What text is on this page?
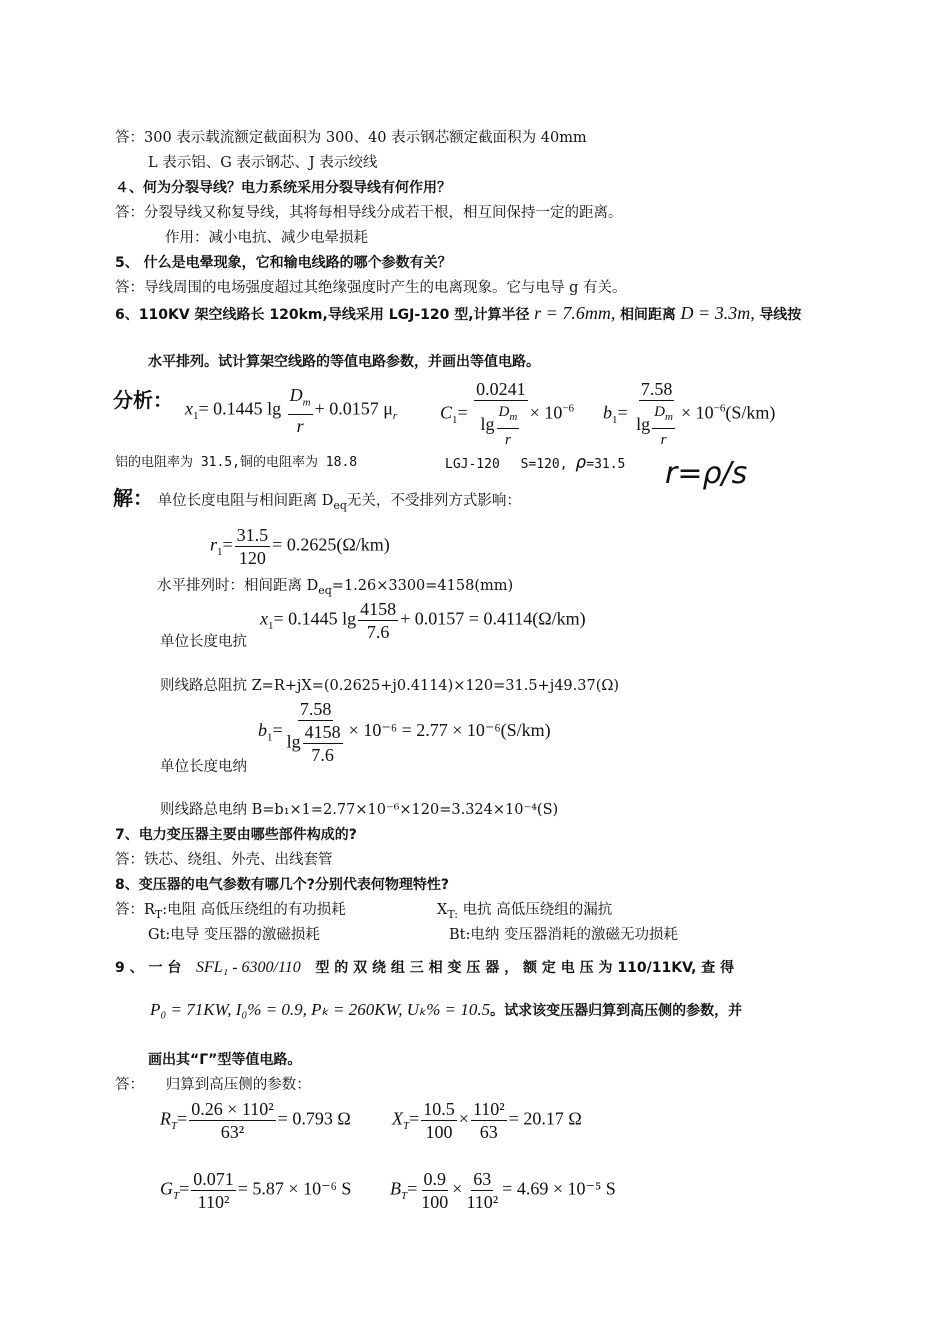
答：300 表示载流额定截面积为 300、40 表示钢芯额定截面积为 40mm
L 表示铝、G 表示钢芯、J 表示绞线
４、何为分裂导线？电力系统采用分裂导线有何作用？
答：分裂导线又称复导线，其将每相导线分成若干根，相互间保持一定的距离。
作用：减小电抗、减少电晕损耗
5、 什么是电晕现象，它和输电线路的哪个参数有关？
答：导线周围的电场强度超过其绝缘强度时产生的电离现象。它与电导 g 有关。
6、110KV 架空线路长 120km,导线采用 LGJ-120 型,计算半径 r = 7.6mm, 相间距离 D = 3.3m, 导线按
水平排列。试计算架空线路的等值电路参数，并画出等值电路。
分析： $x_1= 0.1445$ $\lg \frac{D_m}{r} + 0.0157$ $\mu_r$ $C_1= \frac{0.0241}{\lg \frac{D_m}{r}} \times 10^{-6}$ $b_1= \frac{7.58}{\lg \frac{D_m}{r}} \times 10^{-6}(S/km)$
铝的电阻率为 31.5,铜的电阻率为 18.8	LGJ-120　 S=120, ρ=31.5 r=ρ/s
解： 单位长度电阻与相间距离 $D_{eq}$无关，不受排列方式影响：
$r_1= \frac{31.5}{120} = 0.2625(\Omega/km)$
水平排列时：相间距离 $D_{eq}=1.26\times 3300=4158(mm)$
$x_1= 0.1445$ $\lg \frac{4158}{7.6} + 0.0157 = 0.4114(\Omega/km)$
单位长度电抗
则线路总阻抗 Z=R+jX=(0.2625+j0.4114)×120=31.5+j49.37(Ω)
$b_1= \frac{7.58}{\lg \frac{4158}{7.6}} \times 10^{-6} = 2.77 \times 10^{-6}(S/km)$
单位长度电纳
则线路总电纳 B=b₁×1=2.77×10⁻⁶×120=3.324×10⁻⁴(S)
7、电力变压器主要由哪些部件构成的?
答：铁芯、绕组、外壳、出线套管
8、变压器的电气参数有哪几个?分别代表何物理特性?
答：$R_T$:电阻 高低压绕组的有功损耗	$X_{T:}$ 电抗 高低压绕组的漏抗
Gt:电导 变压器的激磁损耗	Bt:电纳 变压器消耗的激磁无功损耗
9 、 一 台 SFL₁ - 6300/110 型 的 双 绕 组 三 相 变 压 器 ， 额 定 电 压 为 110/11KV, 查 得
P₀ = 71KW, I₀% = 0.9, Pₖ = 260KW, Uₖ% = 10.5。试求该变压器归算到高压侧的参数，并
画出其“Γ”型等值电路。
答：　　归算到高压侧的参数：
$R_T= \frac{\text{0.26 × 110²}}{\text{63²}} = 0.793$ Ω $X_T= \frac{10.5}{100} \times \frac{\text{110²}}{63} = 20.17$ Ω
$G_T= \frac{0.071}{\text{110²}} = 5.87 \times 10^{-6}$ S $B_T= \frac{0.9}{100} \times \frac{63}{\text{110²}} = 4.69 \times 10^{-5}$ S
